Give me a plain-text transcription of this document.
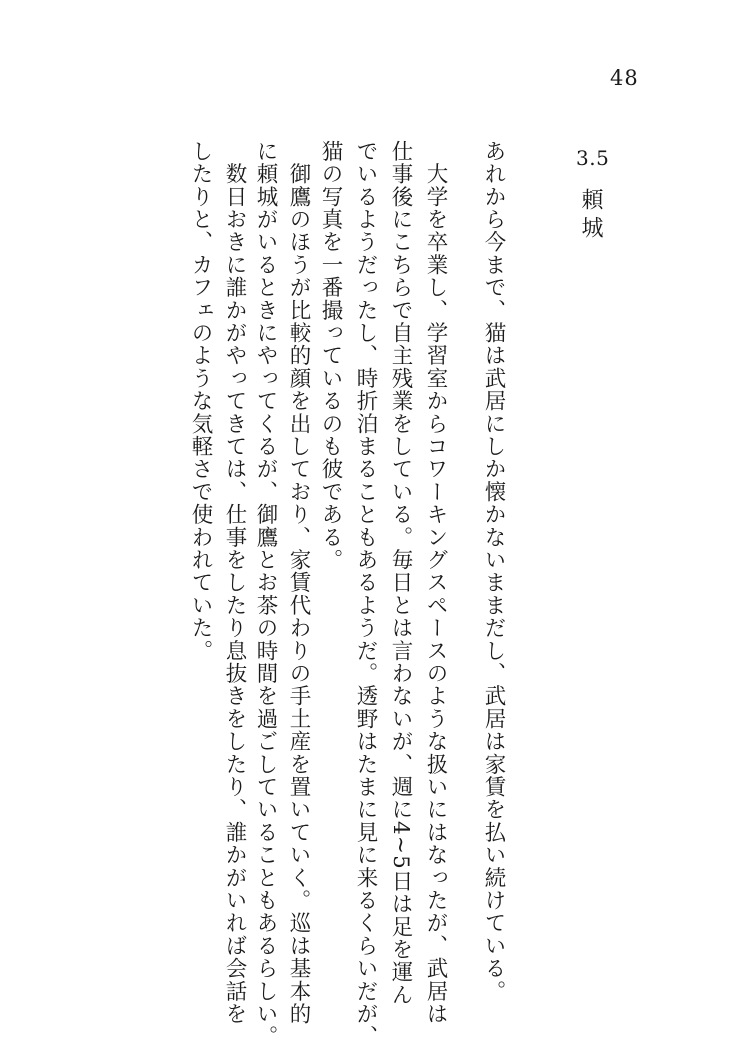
48
あれから今まで、猫は武居にしか懐かないままだし、武居は家賃を払い続けている。	3.5
頼城
　大学を卒業し、学習室からコワーキングスペースのような扱いにはなったが、武居は
仕事後にこちらで自主残業をしている。毎日とは言わないが、週に4~5日は足を運ん
でいるようだったし、時折泊まることもあるようだ。透野はたまに見に来るくらいだが、
猫の写真を一番撮っているのも彼である。
　御鷹のほうが比較的顔を出しており、家賃代わりの手土産を置いていく。巡は基本的
に頼城がいるときにやってくるが、御鷹とお茶の時間を過ごしていることもあるらしい。
　数日おきに誰かがやってきては、仕事をしたり息抜きをしたり、誰かがいれば会話を
したりと、カフェのような気軽さで使われていた。
